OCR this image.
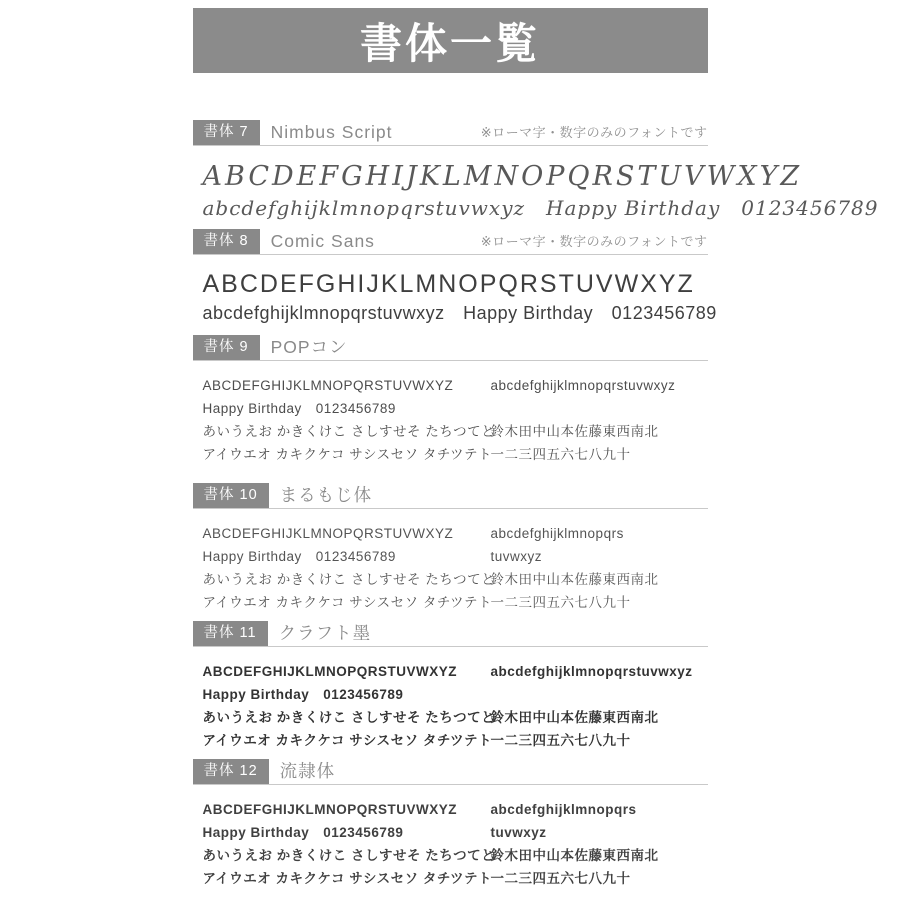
書体一覧
書体 7	Nimbus Script	※ローマ字・数字のみのフォントです
ABCDEFGHIJKLMNOPQRSTUVWXYZ
abcdefghijklmnopqrstuvwxyz　Happy Birthday　0123456789
書体 8	Comic Sans	※ローマ字・数字のみのフォントです
ABCDEFGHIJKLMNOPQRSTUVWXYZ
abcdefghijklmnopqrstuvwxyz　Happy Birthday　0123456789
書体 9	POPコン
ABCDEFGHIJKLMNOPQRSTUVWXYZ	abcdefghijklmnopqrstuvwxyz
Happy Birthday　0123456789
あいうえお かきくけこ さしすせそ たちつてと
鈴木田中山本佐藤東西南北
アイウエオ カキクケコ サシスセソ タチツテト
一二三四五六七八九十
書体 10	まるもじ体
ABCDEFGHIJKLMNOPQRSTUVWXYZ	abcdefghijklmnopqrs
Happy Birthday　0123456789	tuvwxyz
あいうえお かきくけこ さしすせそ たちつてと
鈴木田中山本佐藤東西南北
アイウエオ カキクケコ サシスセソ タチツテト
一二三四五六七八九十
書体 11	クラフト墨
ABCDEFGHIJKLMNOPQRSTUVWXYZ	abcdefghijklmnopqrstuvwxyz
Happy Birthday　0123456789
あいうえお かきくけこ さしすせそ たちつてと
鈴木田中山本佐藤東西南北
アイウエオ カキクケコ サシスセソ タチツテト
一二三四五六七八九十
書体 12	流隷体
ABCDEFGHIJKLMNOPQRSTUVWXYZ	abcdefghijklmnopqrs
Happy Birthday　0123456789	tuvwxyz
あいうえお かきくけこ さしすせそ たちつてと
鈴木田中山本佐藤東西南北
アイウエオ カキクケコ サシスセソ タチツテト
一二三四五六七八九十
